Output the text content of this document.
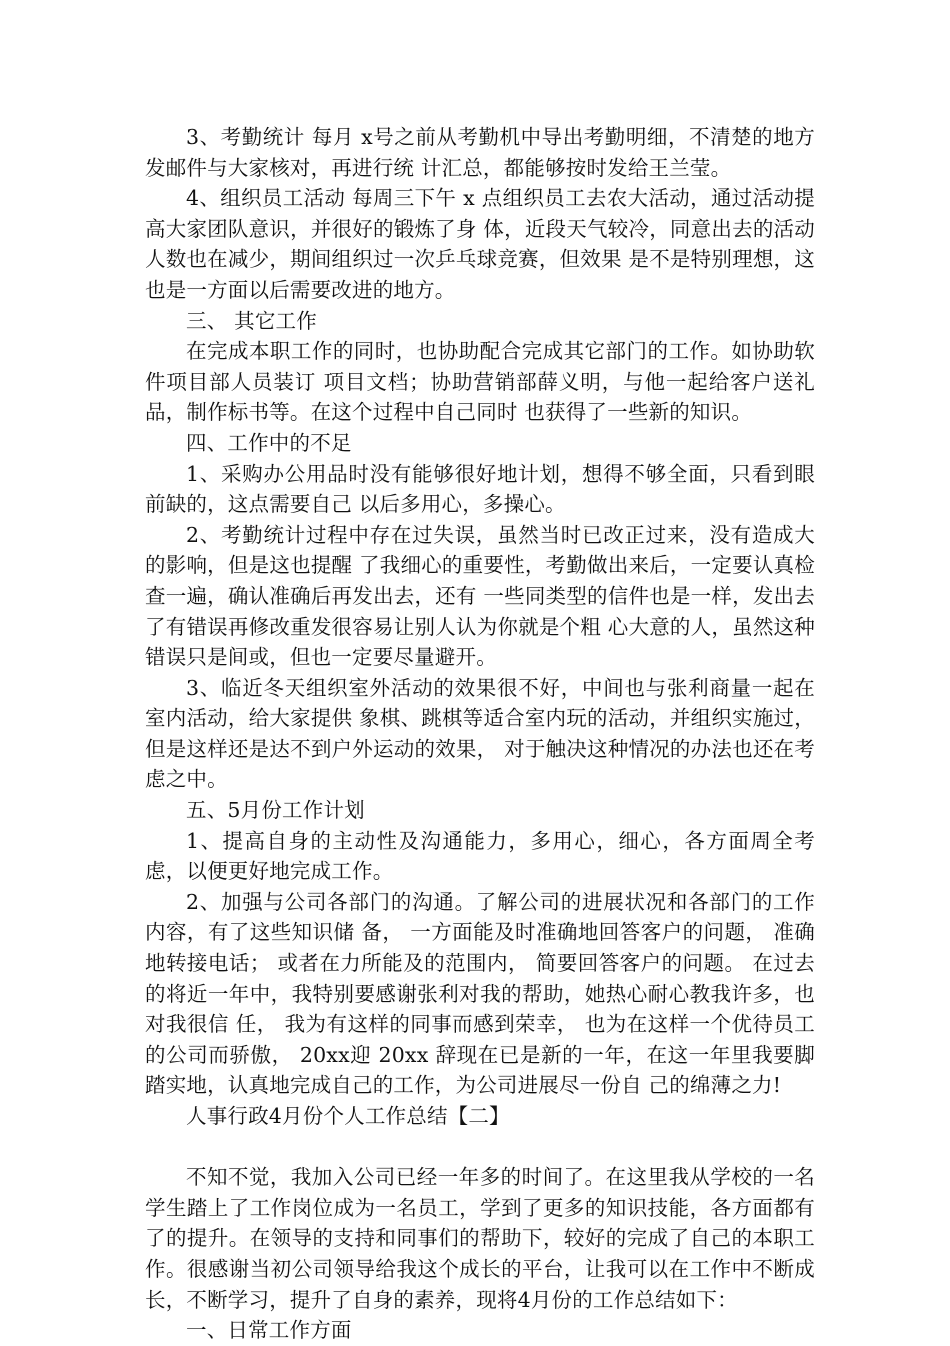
3、考勤统计 每月 x号之前从考勤机中导出考勤明细，不清楚的地方发邮件与大家核对，再进行统 计汇总，都能够按时发给王兰莹。

4、组织员工活动 每周三下午 x 点组织员工去农大活动，通过活动提高大家团队意识，并很好的锻炼了身 体，近段天气较冷，同意出去的活动人数也在减少，期间组织过一次乒乓球竞赛，但效果 是不是特别理想，这也是一方面以后需要改进的地方。

三、 其它工作

在完成本职工作的同时，也协助配合完成其它部门的工作。如协助软件项目部人员装订 项目文档；协助营销部薛义明，与他一起给客户送礼品，制作标书等。在这个过程中自己同时 也获得了一些新的知识。

四、工作中的不足

1、采购办公用品时没有能够很好地计划，想得不够全面，只看到眼前缺的，这点需要自己 以后多用心，多操心。

2、考勤统计过程中存在过失误，虽然当时已改正过来，没有造成大的影响，但是这也提醒 了我细心的重要性，考勤做出来后，一定要认真检查一遍，确认准确后再发出去，还有 一些同类型的信件也是一样，发出去了有错误再修改重发很容易让别人认为你就是个粗 心大意的人，虽然这种错误只是间或，但也一定要尽量避开。

3、临近冬天组织室外活动的效果很不好，中间也与张利商量一起在室内活动，给大家提供 象棋、跳棋等适合室内玩的活动，并组织实施过，但是这样还是达不到户外运动的效果， 对于触决这种情况的办法也还在考虑之中。

五、5月份工作计划

1、提高自身的主动性及沟通能力，多用心，细心，各方面周全考虑，以便更好地完成工作。

2、加强与公司各部门的沟通。了解公司的进展状况和各部门的工作内容，有了这些知识储 备， 一方面能及时准确地回答客户的问题， 准确地转接电话； 或者在力所能及的范围内， 简要回答客户的问题。 在过去的将近一年中，我特别要感谢张利对我的帮助，她热心耐心教我许多，也对我很信 任， 我为有这样的同事而感到荣幸， 也为在这样一个优待员工的公司而骄傲， 20xx迎 20xx 辞现在已是新的一年，在这一年里我要脚踏实地，认真地完成自己的工作，为公司进展尽一份自 己的绵薄之力!

人事行政4月份个人工作总结【二】

不知不觉，我加入公司已经一年多的时间了。在这里我从学校的一名学生踏上了工作岗位成为一名员工，学到了更多的知识技能，各方面都有了的提升。在领导的支持和同事们的帮助下，较好的完成了自己的本职工作。很感谢当初公司领导给我这个成长的平台，让我可以在工作中不断成长，不断学习，提升了自身的素养，现将4月份的工作总结如下：

一、日常工作方面
